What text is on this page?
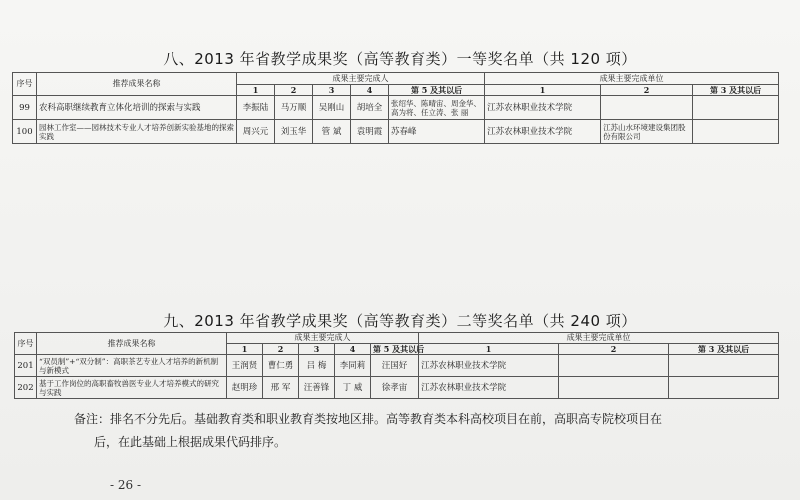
八、2013 年省教学成果奖（高等教育类）一等奖名单（共 120 项）
序号	推荐成果名称	成果主要完成人					成果主要完成单位		
		1	2	3	4	第 5 及其以后	1	2	第 3 及其以后
99	农科高职继续教育立体化培训的探索与实践	李振陆	马万顺	吴刚山	胡培全	张绍华、陈晴宙、周金华、高为将、任立涛、张 丽	江苏农林职业技术学院		
100	园林工作室——园林技术专业人才培养创新实验基地的探索实践	周兴元	刘玉华	管 斌	袁明霞	苏春峰	江苏农林职业技术学院	江苏山水环境建设集团股份有限公司	
九、2013 年省教学成果奖（高等教育类）二等奖名单（共 240 项）
序号	推荐成果名称	成果主要完成人					成果主要完成单位		
		1	2	3	4	第 5 及其以后	1	2	第 3 及其以后
201	“双员制”+“双分制”：高职茶艺专业人才培养的新机制与新模式	王润贤	曹仁勇	吕 梅	李同莉	汪国好	江苏农林职业技术学院		
202	基于工作岗位的高职畜牧兽医专业人才培养模式的研究与实践	赵明珍	邢 军	汪善锋	丁 威	徐孝宙	江苏农林职业技术学院		
备注：排名不分先后。基础教育类和职业教育类按地区排。高等教育类本科高校项目在前，高职高专院校项目在
后，在此基础上根据成果代码排序。
- 26 -
